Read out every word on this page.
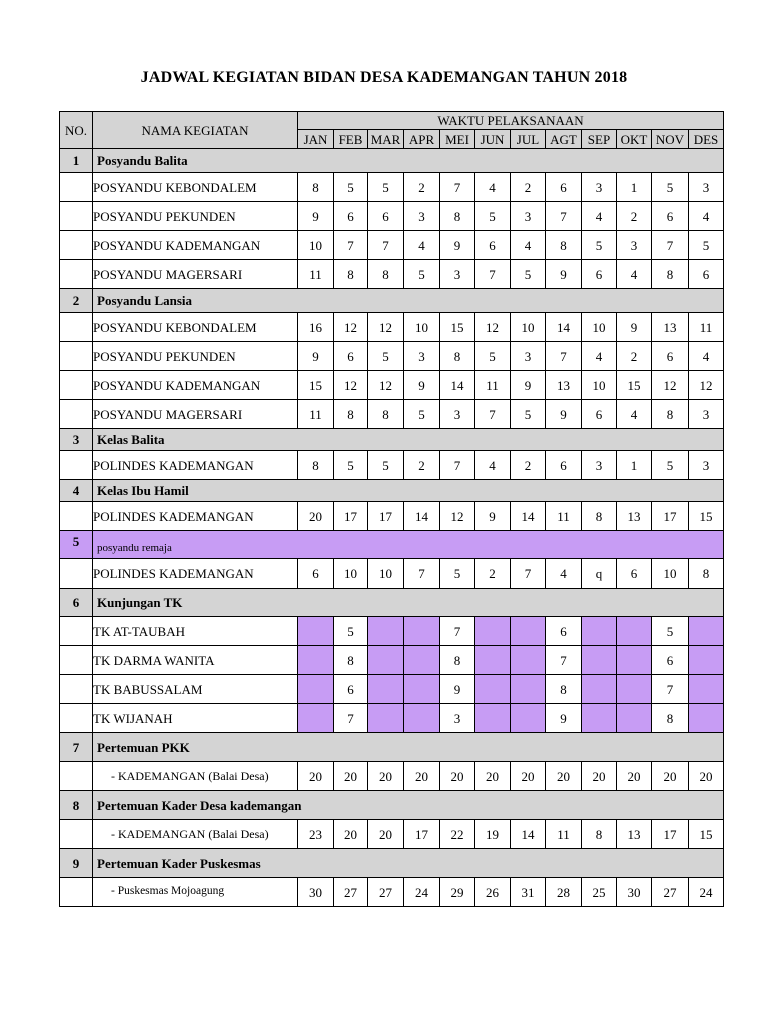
JADWAL KEGIATAN BIDAN DESA KADEMANGAN TAHUN 2018
NO.	NAMA KEGIATAN	WAKTU PELAKSANAAN											
		JAN	FEB	MAR	APR	MEI	JUN	JUL	AGT	SEP	OKT	NOV	DES
1	Posyandu Balita												
	POSYANDU KEBONDALEM	8	5	5	2	7	4	2	6	3	1	5	3
	POSYANDU PEKUNDEN	9	6	6	3	8	5	3	7	4	2	6	4
	POSYANDU KADEMANGAN	10	7	7	4	9	6	4	8	5	3	7	5
	POSYANDU MAGERSARI	11	8	8	5	3	7	5	9	6	4	8	6
2	Posyandu Lansia												
	POSYANDU KEBONDALEM	16	12	12	10	15	12	10	14	10	9	13	11
	POSYANDU PEKUNDEN	9	6	5	3	8	5	3	7	4	2	6	4
	POSYANDU KADEMANGAN	15	12	12	9	14	11	9	13	10	15	12	12
	POSYANDU MAGERSARI	11	8	8	5	3	7	5	9	6	4	8	3
3	Kelas Balita												
	POLINDES KADEMANGAN	8	5	5	2	7	4	2	6	3	1	5	3
4	Kelas Ibu Hamil												
	POLINDES KADEMANGAN	20	17	17	14	12	9	14	11	8	13	17	15
5	posyandu remaja												
	POLINDES KADEMANGAN	6	10	10	7	5	2	7	4	q	6	10	8
6	Kunjungan TK												
	TK AT-TAUBAH		5			7			6			5	
	TK DARMA WANITA		8			8			7			6	
	TK BABUSSALAM		6			9			8			7	
	TK WIJANAH		7			3			9			8	
7	Pertemuan PKK												
	- KADEMANGAN (Balai Desa)	20	20	20	20	20	20	20	20	20	20	20	20
8	Pertemuan Kader Desa kademangan												
	- KADEMANGAN (Balai Desa)	23	20	20	17	22	19	14	11	8	13	17	15
9	Pertemuan Kader Puskesmas												
	- Puskesmas Mojoagung	30	27	27	24	29	26	31	28	25	30	27	24
